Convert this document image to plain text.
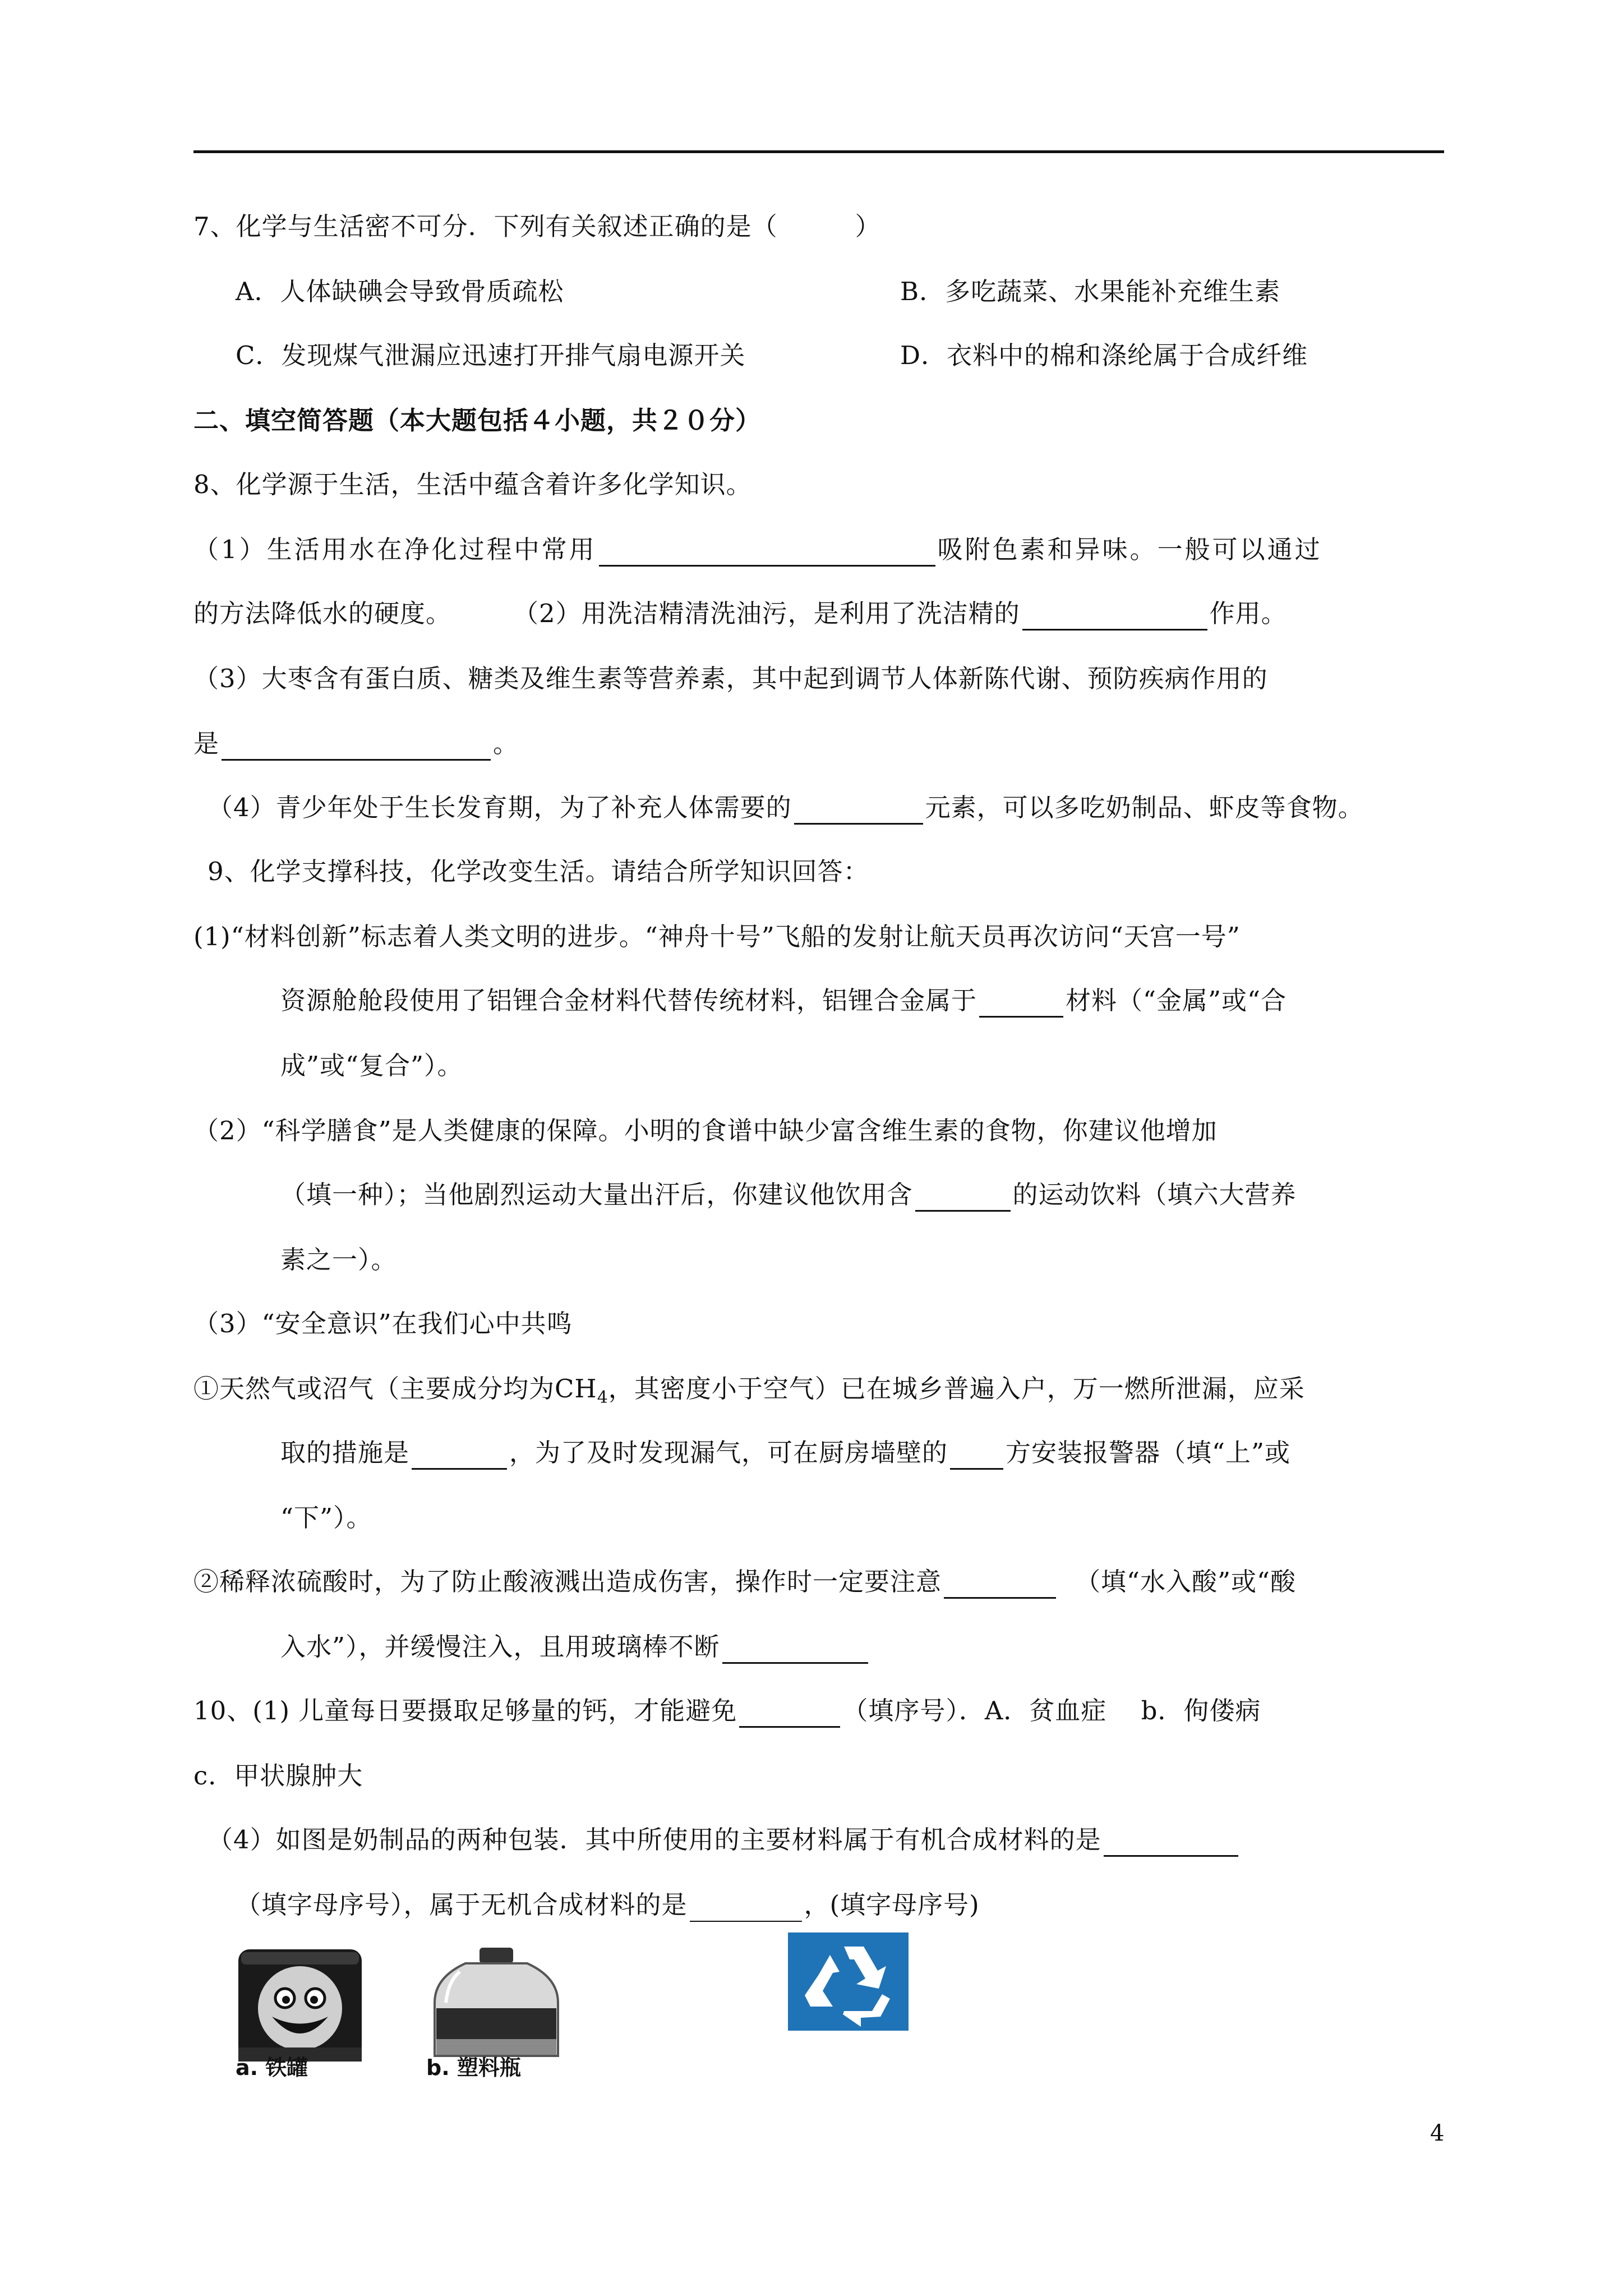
7、化学与生活密不可分．下列有关叙述正确的是（　　　）
A．人体缺碘会导致骨质疏松	B．多吃蔬菜、水果能补充维生素
C．发现煤气泄漏应迅速打开排气扇电源开关	D．衣料中的棉和涤纶属于合成纤维
二、填空简答题（本大题包括４小题，共２０分）
8、化学源于生活，生活中蕴含着许多化学知识。
（1）生活用水在净化过程中常用	吸附色素和异味。一般可以通过
的方法降低水的硬度。 （2）用洗洁精清洗油污，是利用了洗洁精的	作用。
（3）大枣含有蛋白质、糖类及维生素等营养素，其中起到调节人体新陈代谢、预防疾病作用的
是	。
（4）青少年处于生长发育期，为了补充人体需要的	元素，可以多吃奶制品、虾皮等食物。
9、化学支撑科技，化学改变生活。请结合所学知识回答：
(1)“材料创新”标志着人类文明的进步。“神舟十号”飞船的发射让航天员再次访问“天宫一号”
资源舱舱段使用了铝锂合金材料代替传统材料，铝锂合金属于	材料（“金属”或“合
成”或“复合”）。
（2）“科学膳食”是人类健康的保障。小明的食谱中缺少富含维生素的食物，你建议他增加
（填一种）；当他剧烈运动大量出汗后，你建议他饮用含	的运动饮料（填六大营养
素之一）。
（3）“安全意识”在我们心中共鸣
①天然气或沼气（主要成分均为$CH_4$，其密度小于空气）已在城乡普遍入户，万一燃所泄漏，应采
取的措施是	，为了及时发现漏气，可在厨房墙壁的 方安装报警器（填“上”或
“下”）。
②稀释浓硫酸时，为了防止酸液溅出造成伤害，操作时一定要注意	（填“水入酸”或“酸
入水”），并缓慢注入，且用玻璃棒不断
10、(1) 儿童每日要摄取足够量的钙，才能避免	（填序号）．A．贫血症　 b．佝偻病
c．甲状腺肿大
（4）如图是奶制品的两种包装．其中所使用的主要材料属于有机合成材料的是
（填字母序号），属于无机合成材料的是	，(填字母序号)
a. 铁罐	b. 塑料瓶
4
